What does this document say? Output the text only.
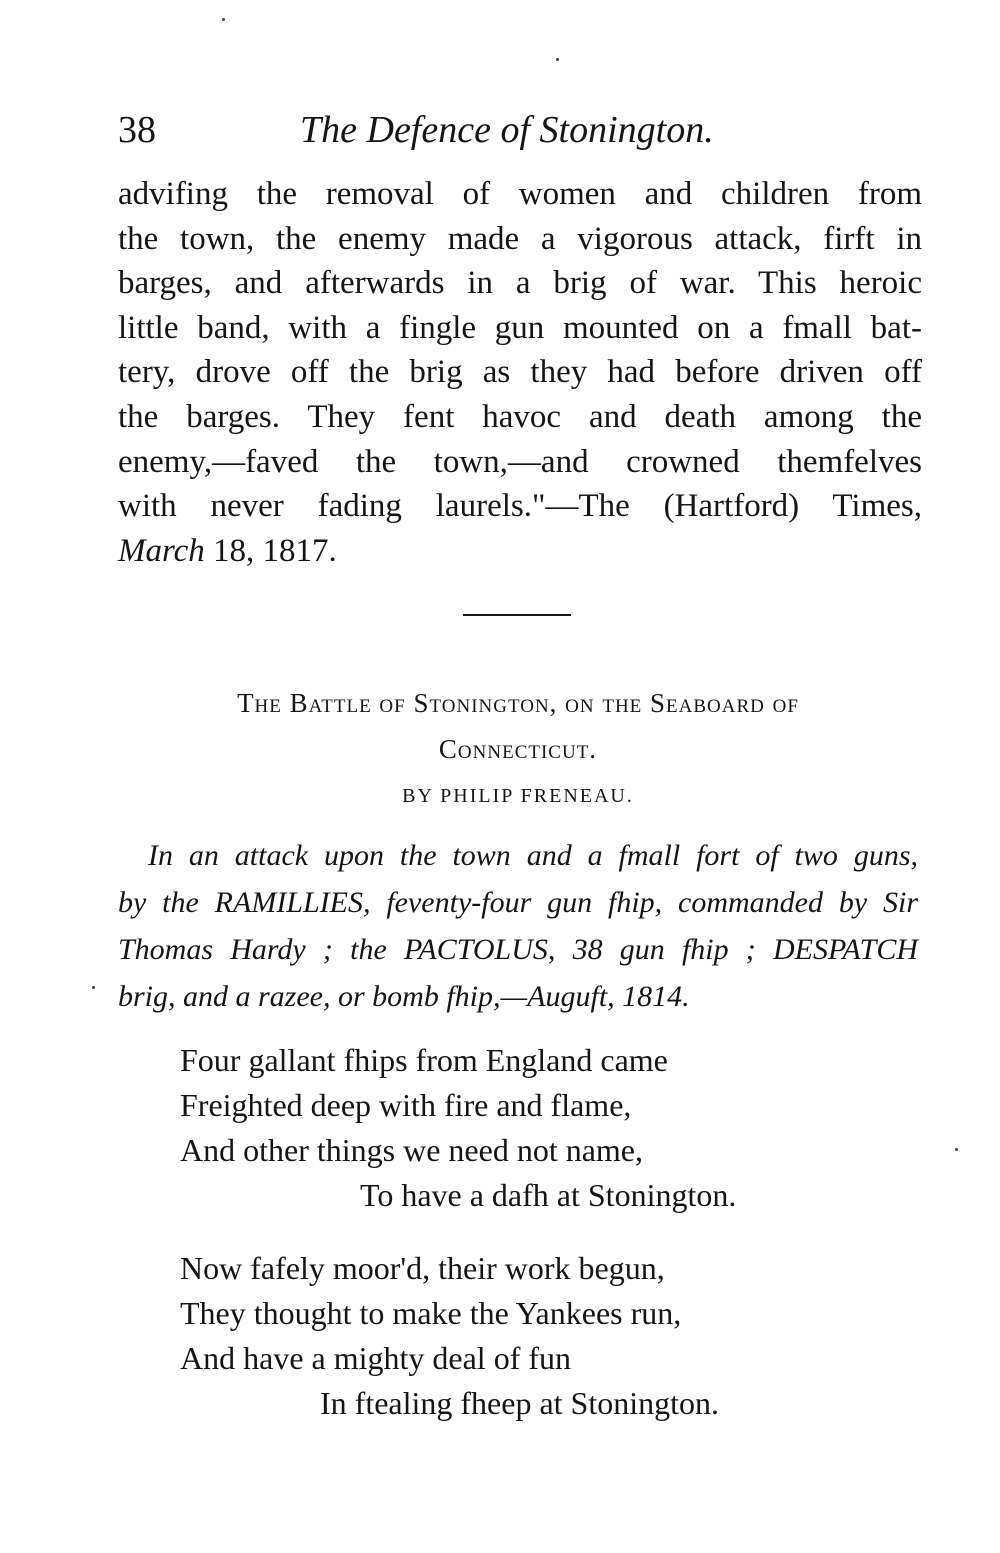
38	The Defence of Stonington.

advifing the removal of women and children from
the town, the enemy made a vigorous attack, firft in
barges, and afterwards in a brig of war. This heroic
little band, with a fingle gun mounted on a fmall bat-
tery, drove off the brig as they had before driven off
the barges. They fent havoc and death among the
enemy,—faved the town,—and crowned themfelves
with never fading laurels."—The (Hartford) Times,
March 18, 1817.

The Battle of Stonington, on the Seaboard of
Connecticut.
BY PHILIP FRENEAU.
In an attack upon the town and a fmall fort of two guns,
by the RAMILLIES, feventy-four gun fhip, commanded by Sir
Thomas Hardy ; the PACTOLUS, 38 gun fhip ; DESPATCH
brig, and a razee, or bomb fhip,—Auguft, 1814.
Four gallant fhips from England came
Freighted deep with fire and flame,
And other things we need not name,
To have a dafh at Stonington.
Now fafely moor'd, their work begun,
They thought to make the Yankees run,
And have a mighty deal of fun
In ftealing fheep at Stonington.
